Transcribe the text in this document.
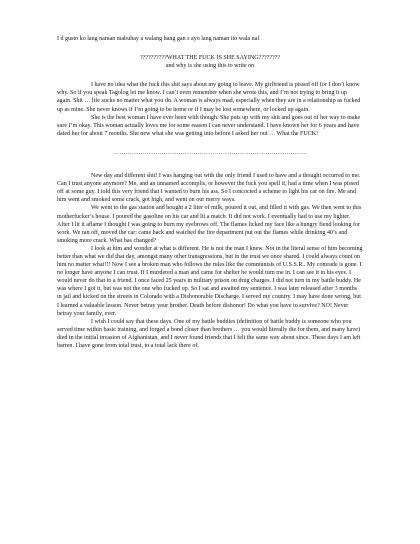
I d gusto ko lang naman mabuhay a walang hang gan s ayo lang naman ito wala naf

??????????WHAT THE FUCK IS SHE SAYING????????

and why is she using this to write on

I have no idea what the fuck this shit says about my going to leave. My girlfriend is pissed off for I don’t know why. So if you speak Tagolog let me know. I can’t even remember when she wrote this, and I’m not trying to bring it up again. Shit … life sucks no matter what you do. A woman is always mad, especially when they are in a relationship as fucked up as mine. She never knows if I’m going to be home or if I may be lost somewhere, or locked up again.

She is the best woman I have ever been with though. She puts up with my shit and goes out of her way to make sure I’m okay. This woman actually loves me for some reason I can never understand. I have known her for 6 years and have dated her for about 7 months. She new what she was getting into before I asked her out … What the FUCK!

………………………………………………………………………………..

New day and different shit! I was hanging out with the only friend I used to have and a thought occurred to me. Can I trust anyone anymore? Me, and an unnamed accomplis, or however the fuck you spell it, had a time when I was pissed off at some guy. I told this very friend that I wanted to burn his ass. So I concocted a scheme to light his car on fire. Me and him went and smoked some crack, got high, and went on our merry ways.

We went to the gas station and bought a 2 liter of milk, poured it out, and filled it with gas. We then went to this motherfucker’s house. I poured the gasoline on his car and lit a match. It did not work. I eventually had to use my lighter. After I lit it aflame I thought I was going to burn my eyebrows off. The flames licked my face like a hungry fiend looking for work. We ran off, moved the car: came back and watched the fire department put out the flames while drinking 40’s and smoking more crack. What has changed?

I look at him and wonder at what is different. He is not the man I knew. Not in the literal sense of him becoming better than what we did that day, amongst many other transgressions, but in the trust we once shared. I could always count on him no matter what!!! Now I see a broken man who follows the rules like the communists of U.S.S.R.. My comrade is gone. I no longer have anyone I can trust. If I murdered a man and came for shelter he would turn me in. I can see it in his eyes. I would never do that to a friend. I once faced 25 years in military prison on drug charges. I did not turn in my battle buddy. He was where I got it, but was not the one who fucked up. So I sat and awaited my sentence. I was later released after 3 months in jail and kicked on the streets in Colorado with a Dishonorable Discharge. I served my country. I may have done wrong, but I learned a valuable lesson. Never betray your brother. Death before dishonor! Do what you have to survive? NO! Never betray your family, ever.

I wish I could say that these days. One of my battle buddies (definition of battle buddy is someone who you served time within basic training, and forged a bond closer than brothers … you would literally die for them, and many have) died in the initial invasion of Afghanistan, and I never found friends that I felt the same way about since. These days I am left barren. I have gone from total trust, to a total lack there of.
